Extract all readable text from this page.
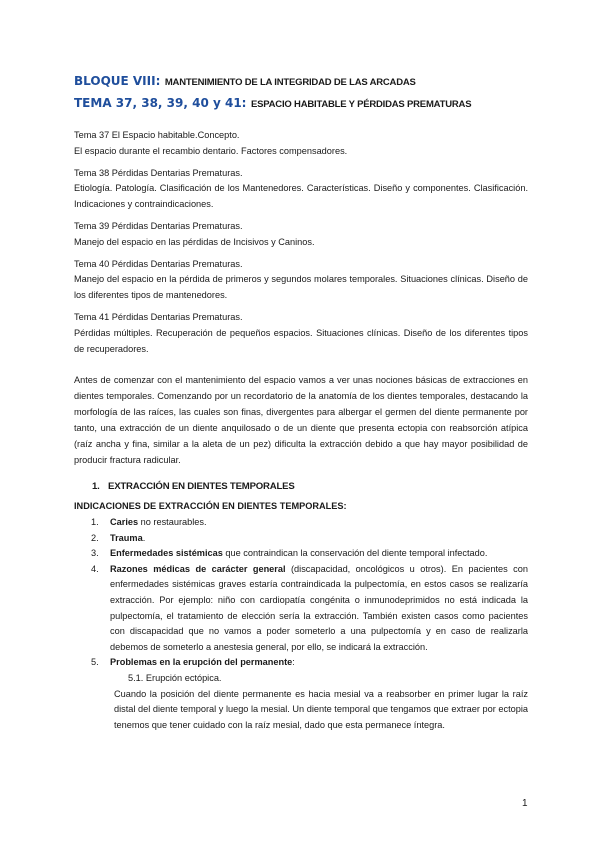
BLOQUE VIII: MANTENIMIENTO DE LA INTEGRIDAD DE LAS ARCADAS
TEMA 37, 38, 39, 40 y 41: ESPACIO HABITABLE Y PÉRDIDAS PREMATURAS

Tema 37 El Espacio habitable.Concepto.

El espacio durante el recambio dentario. Factores compensadores.

Tema 38 Pérdidas Dentarias Prematuras.

Etiología. Patología. Clasificación de los Mantenedores. Características. Diseño y componentes. Clasificación. Indicaciones y contraindicaciones.

Tema 39 Pérdidas Dentarias Prematuras.

Manejo del espacio en las pérdidas de Incisivos y Caninos.

Tema 40 Pérdidas Dentarias Prematuras.

Manejo del espacio en la pérdida de primeros y segundos molares temporales. Situaciones clínicas. Diseño de los diferentes tipos de mantenedores.

Tema 41 Pérdidas Dentarias Prematuras.

Pérdidas múltiples. Recuperación de pequeños espacios. Situaciones clínicas. Diseño de los diferentes tipos de recuperadores.

Antes de comenzar con el mantenimiento del espacio vamos a ver unas nociones básicas de extracciones en dientes temporales. Comenzando por un recordatorio de la anatomía de los dientes temporales, destacando la morfología de las raíces, las cuales son finas, divergentes para albergar el germen del diente permanente por tanto, una extracción de un diente anquilosado o de un diente que presenta ectopia con reabsorción atípica (raíz ancha y fina, similar a la aleta de un pez) dificulta la extracción debido a que hay mayor posibilidad de producir fractura radicular.

1. EXTRACCIÓN EN DIENTES TEMPORALES
INDICACIONES DE EXTRACCIÓN EN DIENTES TEMPORALES:
1. Caries no restaurables.
2. Trauma.
3. Enfermedades sistémicas que contraindican la conservación del diente temporal infectado.
4. Razones médicas de carácter general (discapacidad, oncológicos u otros). En pacientes con enfermedades sistémicas graves estaría contraindicada la pulpectomía, en estos casos se realizaría extracción. Por ejemplo: niño con cardiopatía congénita o inmunodeprimidos no está indicada la pulpectomía, el tratamiento de elección sería la extracción. También existen casos como pacientes con discapacidad que no vamos a poder someterlo a una pulpectomía y en caso de realizarla debemos de someterlo a anestesia general, por ello, se indicará la extracción.
5. Problemas en la erupción del permanente:
5.1. Erupción ectópica.
Cuando la posición del diente permanente es hacia mesial va a reabsorber en primer lugar la raíz distal del diente temporal y luego la mesial. Un diente temporal que tengamos que extraer por ectopia tenemos que tener cuidado con la raíz mesial, dado que esta permanece íntegra.
1
